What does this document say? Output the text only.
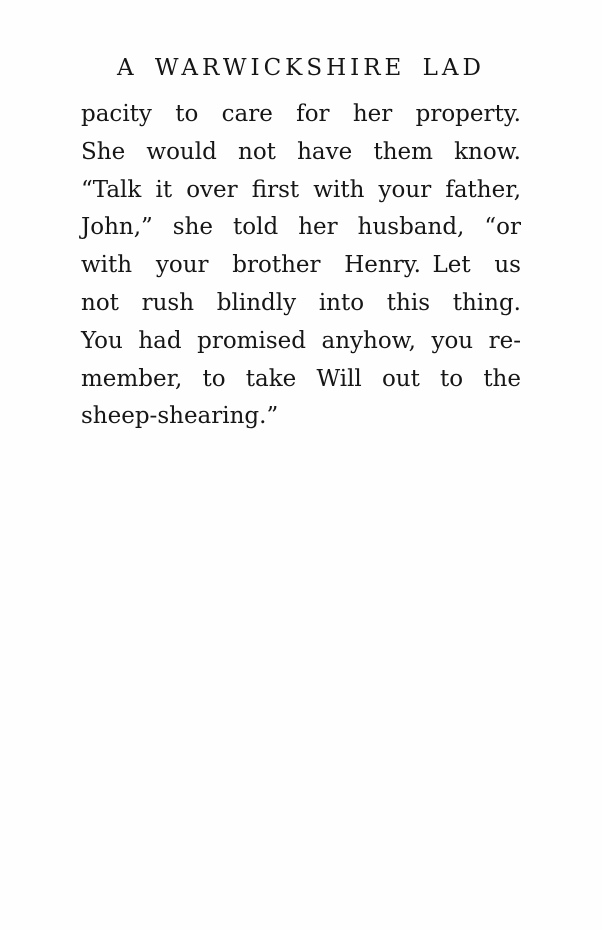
A WARWICKSHIRE LAD
pacity to care for her property.
She would not have them know.
“Talk it over first with your father,
John,” she told her husband, “or
with your brother Henry. Let us
not rush blindly into this thing.
You had promised anyhow, you re-
member, to take Will out to the
sheep-shearing.”
